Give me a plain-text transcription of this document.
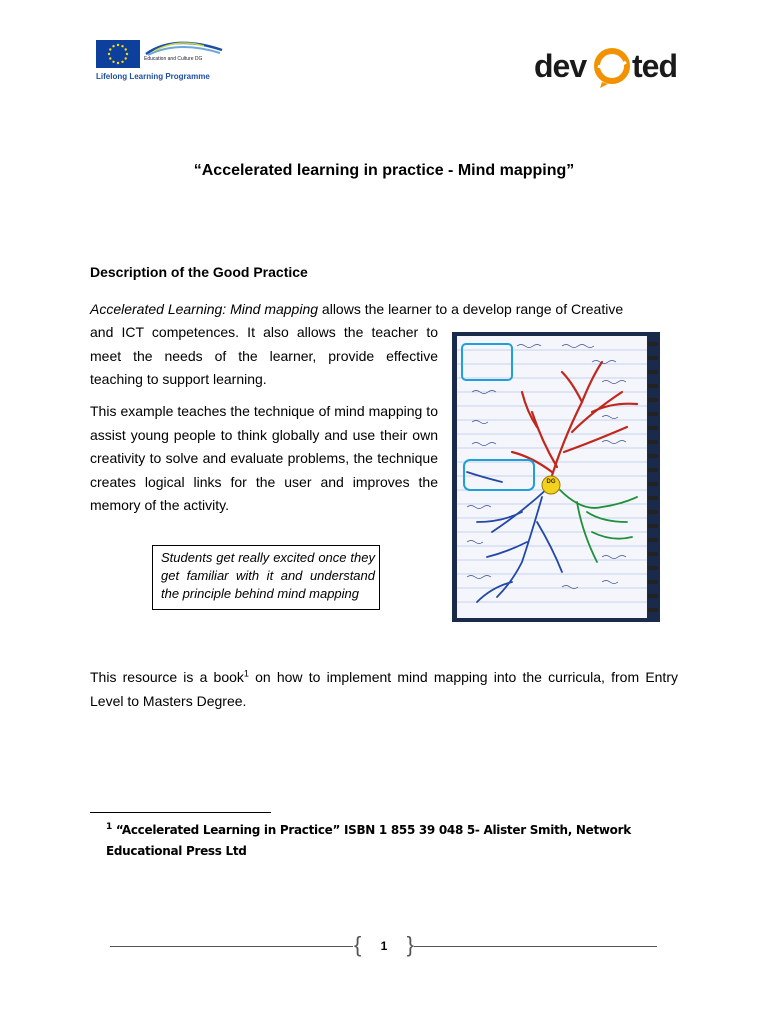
Education and Culture DG
Lifelong Learning Programme	dev ted
“Accelerated learning in practice - Mind mapping”
Description of the Good Practice
Accelerated Learning: Mind mapping allows the learner to a develop range of Creative
and ICT competences. It also allows the teacher to meet the needs of the learner, provide effective teaching to support learning.
This example teaches the technique of mind mapping to assist young people to think globally and use their own creativity to solve and evaluate problems, the technique creates logical links for the user and improves the memory of the activity.
Students get really excited once they get familiar with it and understand the principle behind mind mapping
DG
This resource is a book$^1$ on how to implement mind mapping into the curricula, from Entry Level to Masters Degree.
$^1$ “Accelerated Learning in Practice” ISBN 1 855 39 048 5- Alister Smith, Network Educational Press Ltd
{ 1 }
